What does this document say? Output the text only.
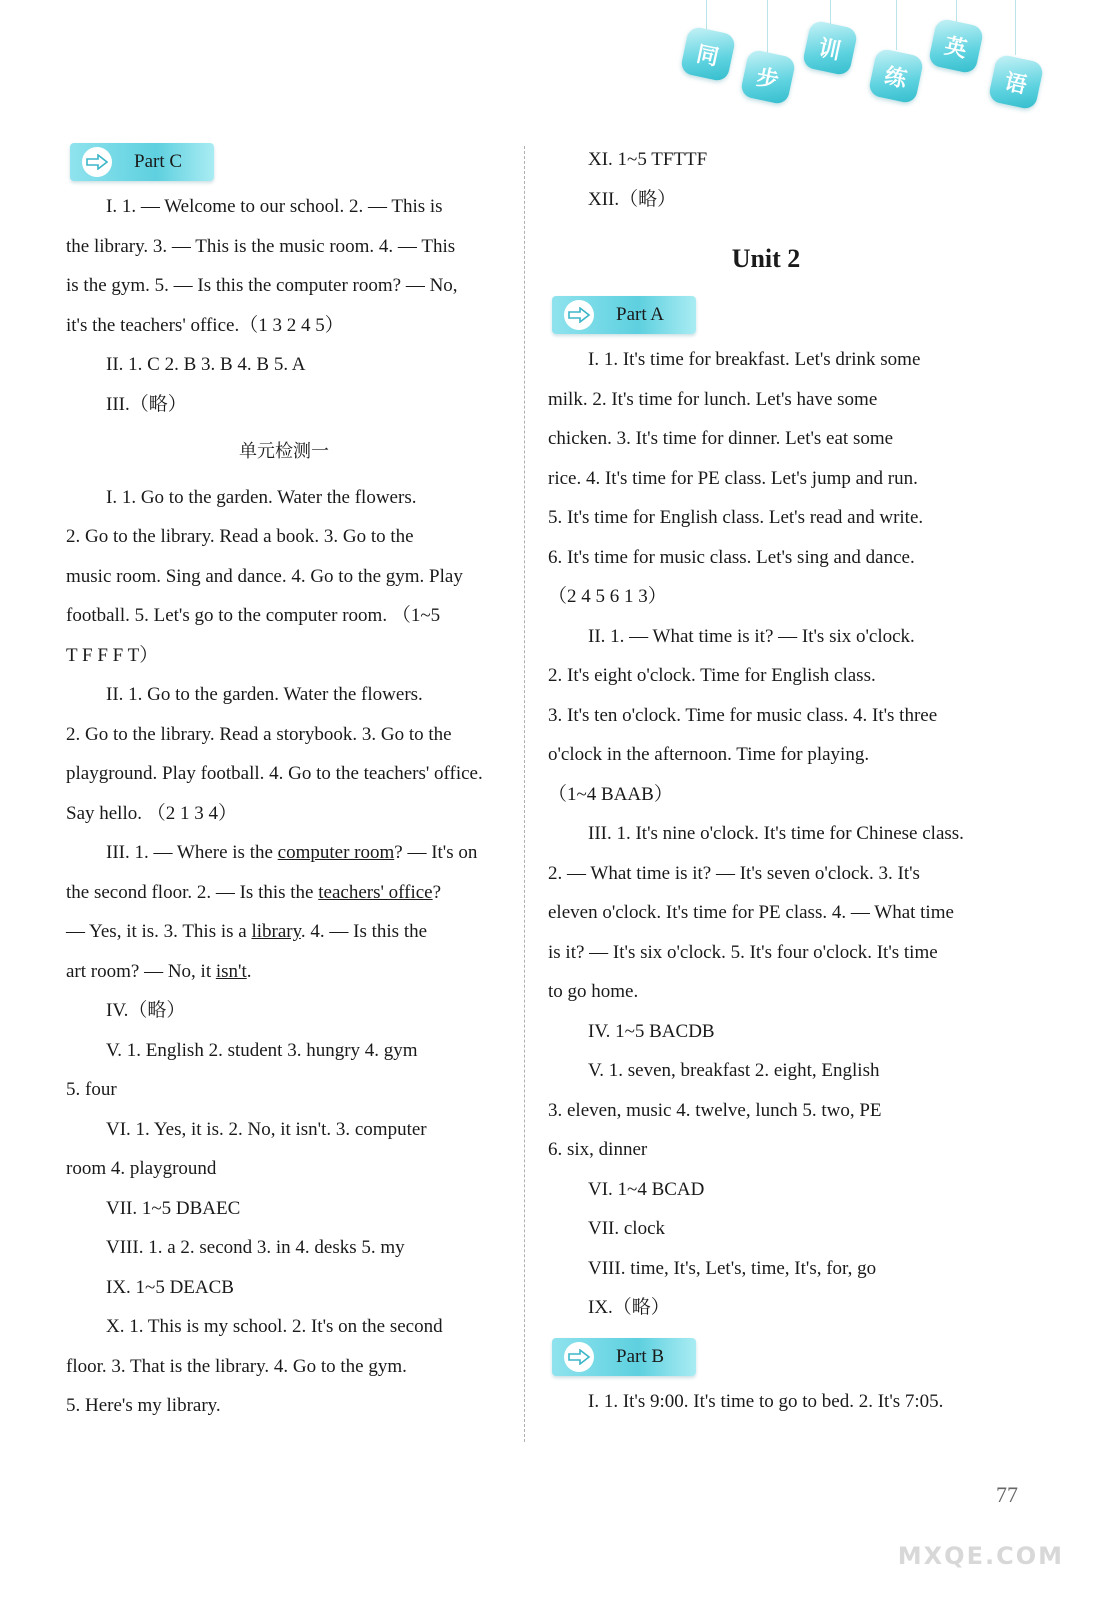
同
步
训
练
英
语
Part C

I. 1. — Welcome to our school. 2. — This is

the library. 3. — This is the music room. 4. — This

is the gym. 5. — Is this the computer room? — No,

it's the teachers' office.（1 3 2 4 5）

II. 1. C 2. B 3. B 4. B 5. A

III.（略）

单元检测一

I. 1. Go to the garden. Water the flowers.

2. Go to the library. Read a book. 3. Go to the

music room. Sing and dance. 4. Go to the gym. Play

football. 5. Let's go to the computer room. （1~5

T F F F T）

II. 1. Go to the garden. Water the flowers.

2. Go to the library. Read a storybook. 3. Go to the

playground. Play football. 4. Go to the teachers' office.

Say hello. （2 1 3 4）

III. 1. — Where is the computer room? — It's on

the second floor. 2. — Is this the teachers' office?

— Yes, it is. 3. This is a library. 4. — Is this the

art room? — No, it isn't.

IV.（略）

V. 1. English 2. student 3. hungry 4. gym

5. four

VI. 1. Yes, it is. 2. No, it isn't. 3. computer

room 4. playground

VII. 1~5 DBAEC

VIII. 1. a 2. second 3. in 4. desks 5. my

IX. 1~5 DEACB

X. 1. This is my school. 2. It's on the second

floor. 3. That is the library. 4. Go to the gym.

5. Here's my library.

XI. 1~5 TFTTF

XII.（略）

Unit 2
Part A

I. 1. It's time for breakfast. Let's drink some

milk. 2. It's time for lunch. Let's have some

chicken. 3. It's time for dinner. Let's eat some

rice. 4. It's time for PE class. Let's jump and run.

5. It's time for English class. Let's read and write.

6. It's time for music class. Let's sing and dance.

（2 4 5 6 1 3）

II. 1. — What time is it? — It's six o'clock.

2. It's eight o'clock. Time for English class.

3. It's ten o'clock. Time for music class. 4. It's three

o'clock in the afternoon. Time for playing.

（1~4 BAAB）

III. 1. It's nine o'clock. It's time for Chinese class.

2. — What time is it? — It's seven o'clock. 3. It's

eleven o'clock. It's time for PE class. 4. — What time

is it? — It's six o'clock. 5. It's four o'clock. It's time

to go home.

IV. 1~5 BACDB

V. 1. seven, breakfast 2. eight, English

3. eleven, music 4. twelve, lunch 5. two, PE

6. six, dinner

VI. 1~4 BCAD

VII. clock

VIII. time, It's, Let's, time, It's, for, go

IX.（略）

Part B

I. 1. It's 9:00. It's time to go to bed. 2. It's 7:05.

77
MXQE.COM
